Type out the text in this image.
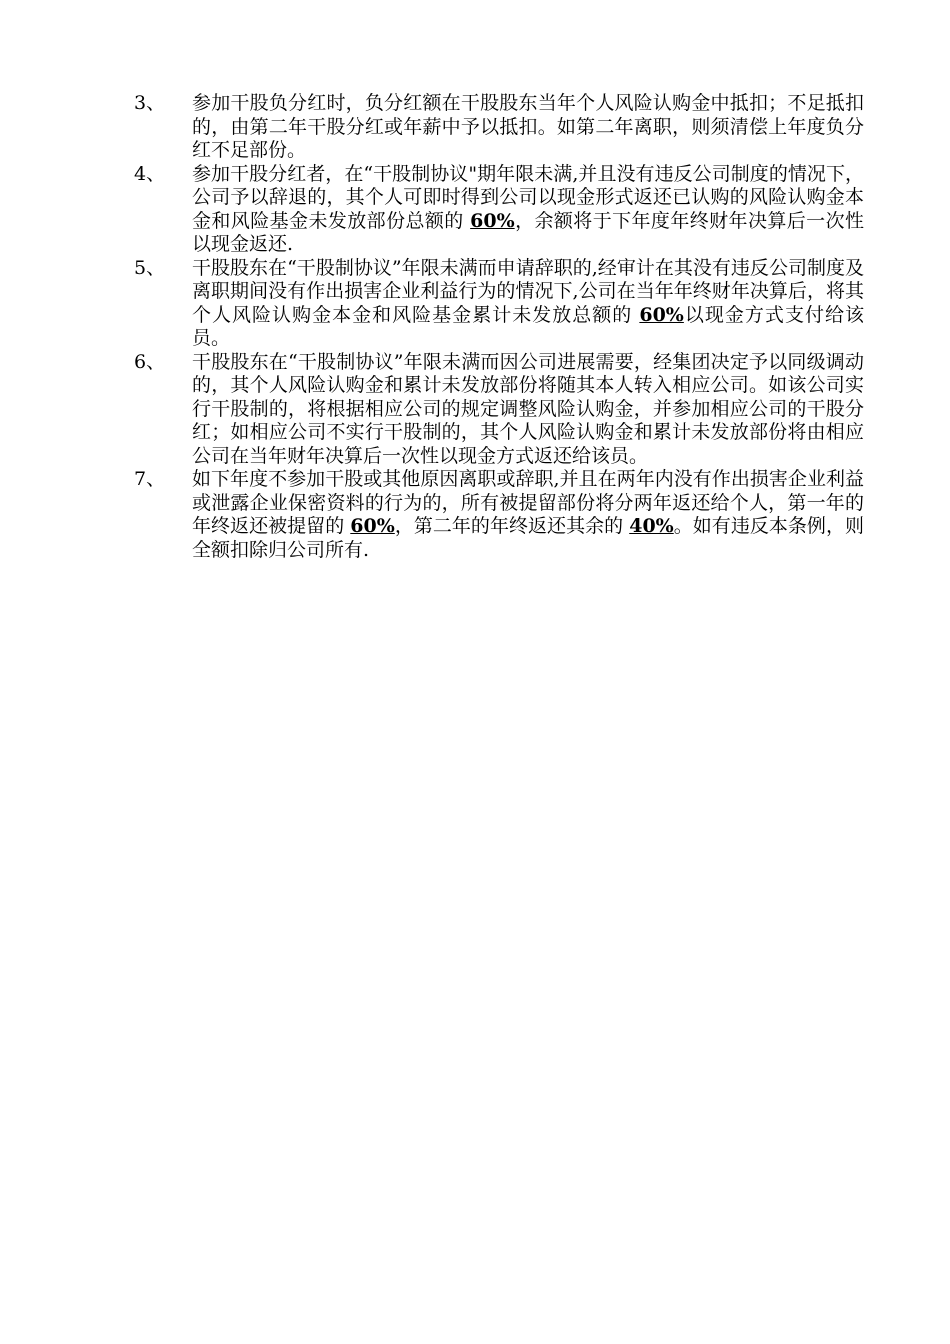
3、	参加干股负分红时，负分红额在干股股东当年个人风险认购金中抵扣；不足抵扣的，由第二年干股分红或年薪中予以抵扣。如第二年离职，则须清偿上年度负分红不足部份。
4、	参加干股分红者，在“干股制协议"期年限未满,并且没有违反公司制度的情况下，公司予以辞退的，其个人可即时得到公司以现金形式返还已认购的风险认购金本金和风险基金未发放部份总额的 60%，余额将于下年度年终财年决算后一次性以现金返还.
5、	干股股东在“干股制协议”年限未满而申请辞职的,经审计在其没有违反公司制度及离职期间没有作出损害企业利益行为的情况下,公司在当年年终财年决算后，将其个人风险认购金本金和风险基金累计未发放总额的 60%以现金方式支付给该员。
6、	干股股东在“干股制协议”年限未满而因公司进展需要，经集团决定予以同级调动的，其个人风险认购金和累计未发放部份将随其本人转入相应公司。如该公司实行干股制的，将根据相应公司的规定调整风险认购金，并参加相应公司的干股分红；如相应公司不实行干股制的，其个人风险认购金和累计未发放部份将由相应公司在当年财年决算后一次性以现金方式返还给该员。
7、	如下年度不参加干股或其他原因离职或辞职,并且在两年内没有作出损害企业利益或泄露企业保密资料的行为的，所有被提留部份将分两年返还给个人，第一年的年终返还被提留的 60%，第二年的年终返还其余的 40%。如有违反本条例，则全额扣除归公司所有.
